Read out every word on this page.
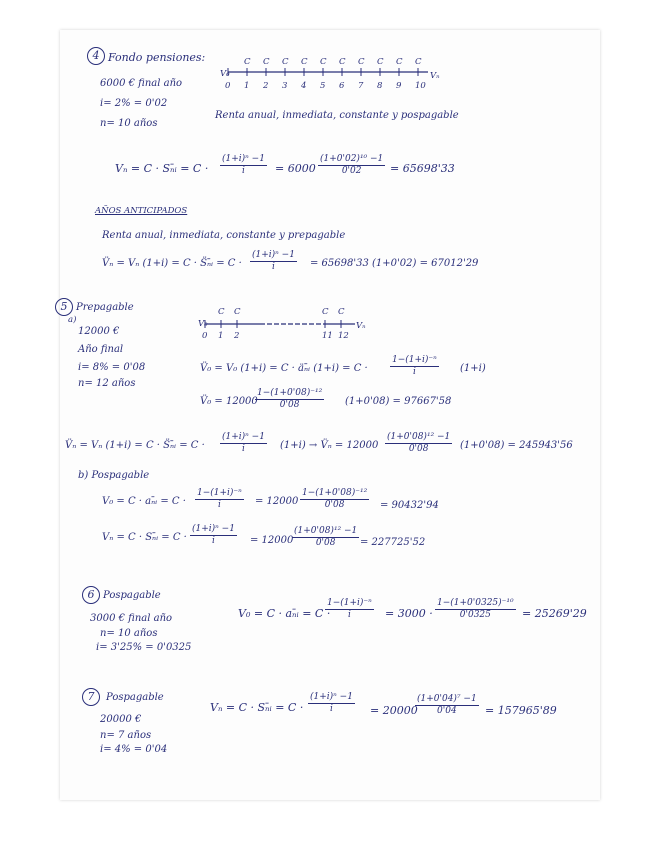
4 Fondo pensiones:
6000 € final año
i= 2% = 0'02
n= 10 años
V₀	Vₙ
Renta anual, inmediata, constante y pospagable
Vₙ = C · Sₙ̄ᵢ = $C \cdot \frac{\text{(1+i)ⁿ −1}}{i} = 6000 \frac{\text{(1+0'02)¹⁰ −1}}{0'02} = 65698'33$
AÑOS ANTICIPADOS
Renta anual, inmediata, constante y prepagable
V̈ₙ = Vₙ (1+i) = C · S̈ₙ̄ᵢ = $C \cdot \frac{\text{(1+i)ⁿ −1}}{i} = 65698'33$ (1+0'02) = 67012'29
5 Prepagable
a)
12000 €
Año final
i= 8% = 0'08
n= 12 años
V₀	Vₙ
V̈₀ = V₀ (1+i) = C · äₙ̄ᵢ $(1+i) = C \cdot \frac{\text{1−(1+i)⁻ⁿ}}{i} (1+i)$
V̈₀ = 12000
$\frac{\text{1−(1+0'08)⁻¹²}}{0'08} (1+0'08) = 97667'58$
V̈ₙ = Vₙ (1+i) = C · S̈ₙ̄ᵢ = $C \cdot \frac{\text{(1+i)ⁿ −1}}{i} (1+i)$ → V̈ₙ = $12000 \frac{\text{(1+0'08)¹² −1}}{0'08} (1+0'08) = 245943'56$
b) Pospagable
V₀ = C · aₙ̄ᵢ = $C \cdot \frac{\text{1−(1+i)⁻ⁿ}}{i} = 12000 \frac{\text{1−(1+0'08)⁻¹²}}{0'08} = 90432'94$
Vₙ = C · Sₙ̄ᵢ = $C \cdot \frac{\text{(1+i)ⁿ −1}}{i} = 12000$
$\frac{\text{(1+0'08)¹² −1}}{0'08} = 227725'52$
6 Pospagable
3000 € final año
n= 10 años
i= 3'25% = 0'0325
V₀ = C · aₙ̄ᵢ = C ·
$\frac{\text{1−(1+i)⁻ⁿ}}{i} = 3000 \cdot \frac{\text{1−(1+0'0325)⁻¹⁰}}{0'0325} = 25269'29$
7	Pospagable
20000 €
n= 7 años
i= 4% = 0'04
Vₙ = C · Sₙ̄ᵢ = $C \cdot \frac{\text{(1+i)ⁿ −1}}{i} = 20000$
$\frac{\text{(1+0'04)⁷ −1}}{0'04} = 157965'89$
0 1 2 3 4 5 6 7 8 9 10
C C C C C C C C C C
0 1 2	11 12
C C	C C
